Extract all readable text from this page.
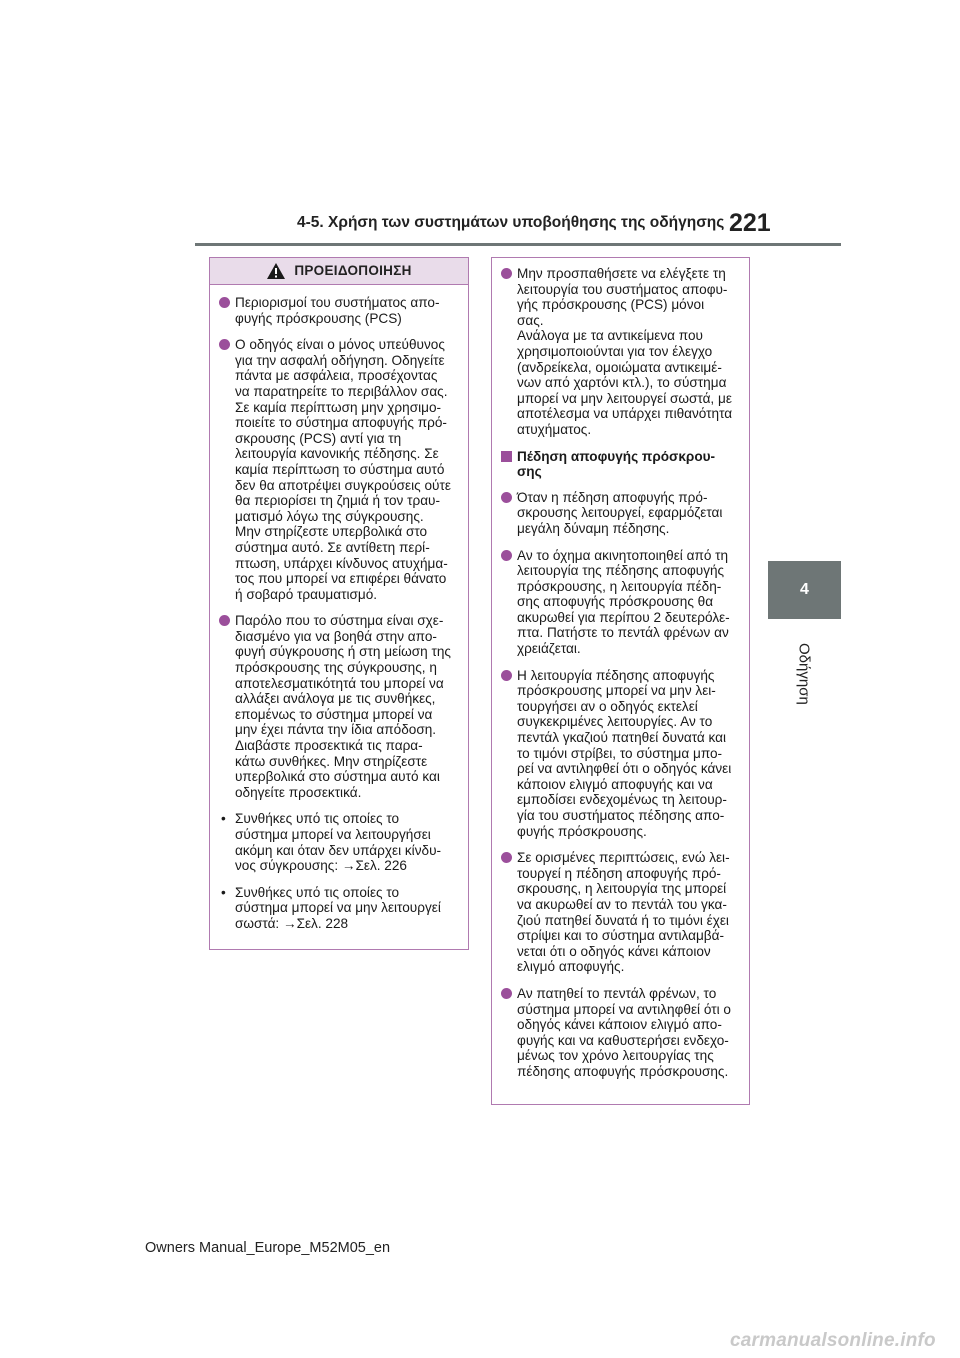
4-5. Χρήση των συστημάτων υποβοήθησης της οδήγησης 221
4
Οδήγηση
ΠΡΟΕΙΔΟΠΟΙΗΣΗ
Περιορισμοί του συστήματος απο-
φυγής πρόσκρουσης (PCS)
Ο οδηγός είναι ο μόνος υπεύθυνος
για την ασφαλή οδήγηση. Οδηγείτε
πάντα με ασφάλεια, προσέχοντας
να παρατηρείτε το περιβάλλον σας.
Σε καμία περίπτωση μην χρησιμο-
ποιείτε το σύστημα αποφυγής πρό-
σκρουσης (PCS) αντί για τη
λειτουργία κανονικής πέδησης. Σε
καμία περίπτωση το σύστημα αυτό
δεν θα αποτρέψει συγκρούσεις ούτε
θα περιορίσει τη ζημιά ή τον τραυ-
ματισμό λόγω της σύγκρουσης.
Μην στηρίζεστε υπερβολικά στο
σύστημα αυτό. Σε αντίθετη περί-
πτωση, υπάρχει κίνδυνος ατυχήμα-
τος που μπορεί να επιφέρει θάνατο
ή σοβαρό τραυματισμό.
Παρόλο που το σύστημα είναι σχε-
διασμένο για να βοηθά στην απο-
φυγή σύγκρουσης ή στη μείωση της
πρόσκρουσης της σύγκρουσης, η
αποτελεσματικότητά του μπορεί να
αλλάξει ανάλογα με τις συνθήκες,
επομένως το σύστημα μπορεί να
μην έχει πάντα την ίδια απόδοση.
Διαβάστε προσεκτικά τις παρα-
κάτω συνθήκες. Μην στηρίζεστε
υπερβολικά στο σύστημα αυτό και
οδηγείτε προσεκτικά.
• Συνθήκες υπό τις οποίες το
σύστημα μπορεί να λειτουργήσει
ακόμη και όταν δεν υπάρχει κίνδυ-
νος σύγκρουσης: →Σελ. 226
• Συνθήκες υπό τις οποίες το
σύστημα μπορεί να μην λειτουργεί
σωστά: →Σελ. 228
Μην προσπαθήσετε να ελέγξετε τη
λειτουργία του συστήματος αποφυ-
γής πρόσκρουσης (PCS) μόνοι
σας.
Ανάλογα με τα αντικείμενα που
χρησιμοποιούνται για τον έλεγχο
(ανδρείκελα, ομοιώματα αντικειμέ-
νων από χαρτόνι κτλ.), το σύστημα
μπορεί να μην λειτουργεί σωστά, με
αποτέλεσμα να υπάρχει πιθανότητα
ατυχήματος.
Πέδηση αποφυγής πρόσκρου-
σης
Όταν η πέδηση αποφυγής πρό-
σκρουσης λειτουργεί, εφαρμόζεται
μεγάλη δύναμη πέδησης.
Αν το όχημα ακινητοποιηθεί από τη
λειτουργία της πέδησης αποφυγής
πρόσκρουσης, η λειτουργία πέδη-
σης αποφυγής πρόσκρουσης θα
ακυρωθεί για περίπου 2 δευτερόλε-
πτα. Πατήστε το πεντάλ φρένων αν
χρειάζεται.
Η λειτουργία πέδησης αποφυγής
πρόσκρουσης μπορεί να μην λει-
τουργήσει αν ο οδηγός εκτελεί
συγκεκριμένες λειτουργίες. Αν το
πεντάλ γκαζιού πατηθεί δυνατά και
το τιμόνι στρίβει, το σύστημα μπο-
ρεί να αντιληφθεί ότι ο οδηγός κάνει
κάποιον ελιγμό αποφυγής και να
εμποδίσει ενδεχομένως τη λειτουρ-
γία του συστήματος πέδησης απο-
φυγής πρόσκρουσης.
Σε ορισμένες περιπτώσεις, ενώ λει-
τουργεί η πέδηση αποφυγής πρό-
σκρουσης, η λειτουργία της μπορεί
να ακυρωθεί αν το πεντάλ του γκα-
ζιού πατηθεί δυνατά ή το τιμόνι έχει
στρίψει και το σύστημα αντιλαμβά-
νεται ότι ο οδηγός κάνει κάποιον
ελιγμό αποφυγής.
Αν πατηθεί το πεντάλ φρένων, το
σύστημα μπορεί να αντιληφθεί ότι ο
οδηγός κάνει κάποιον ελιγμό απο-
φυγής και να καθυστερήσει ενδεχο-
μένως τον χρόνο λειτουργίας της
πέδησης αποφυγής πρόσκρουσης.
Owners Manual_Europe_M52M05_en
carmanualsonline.info
